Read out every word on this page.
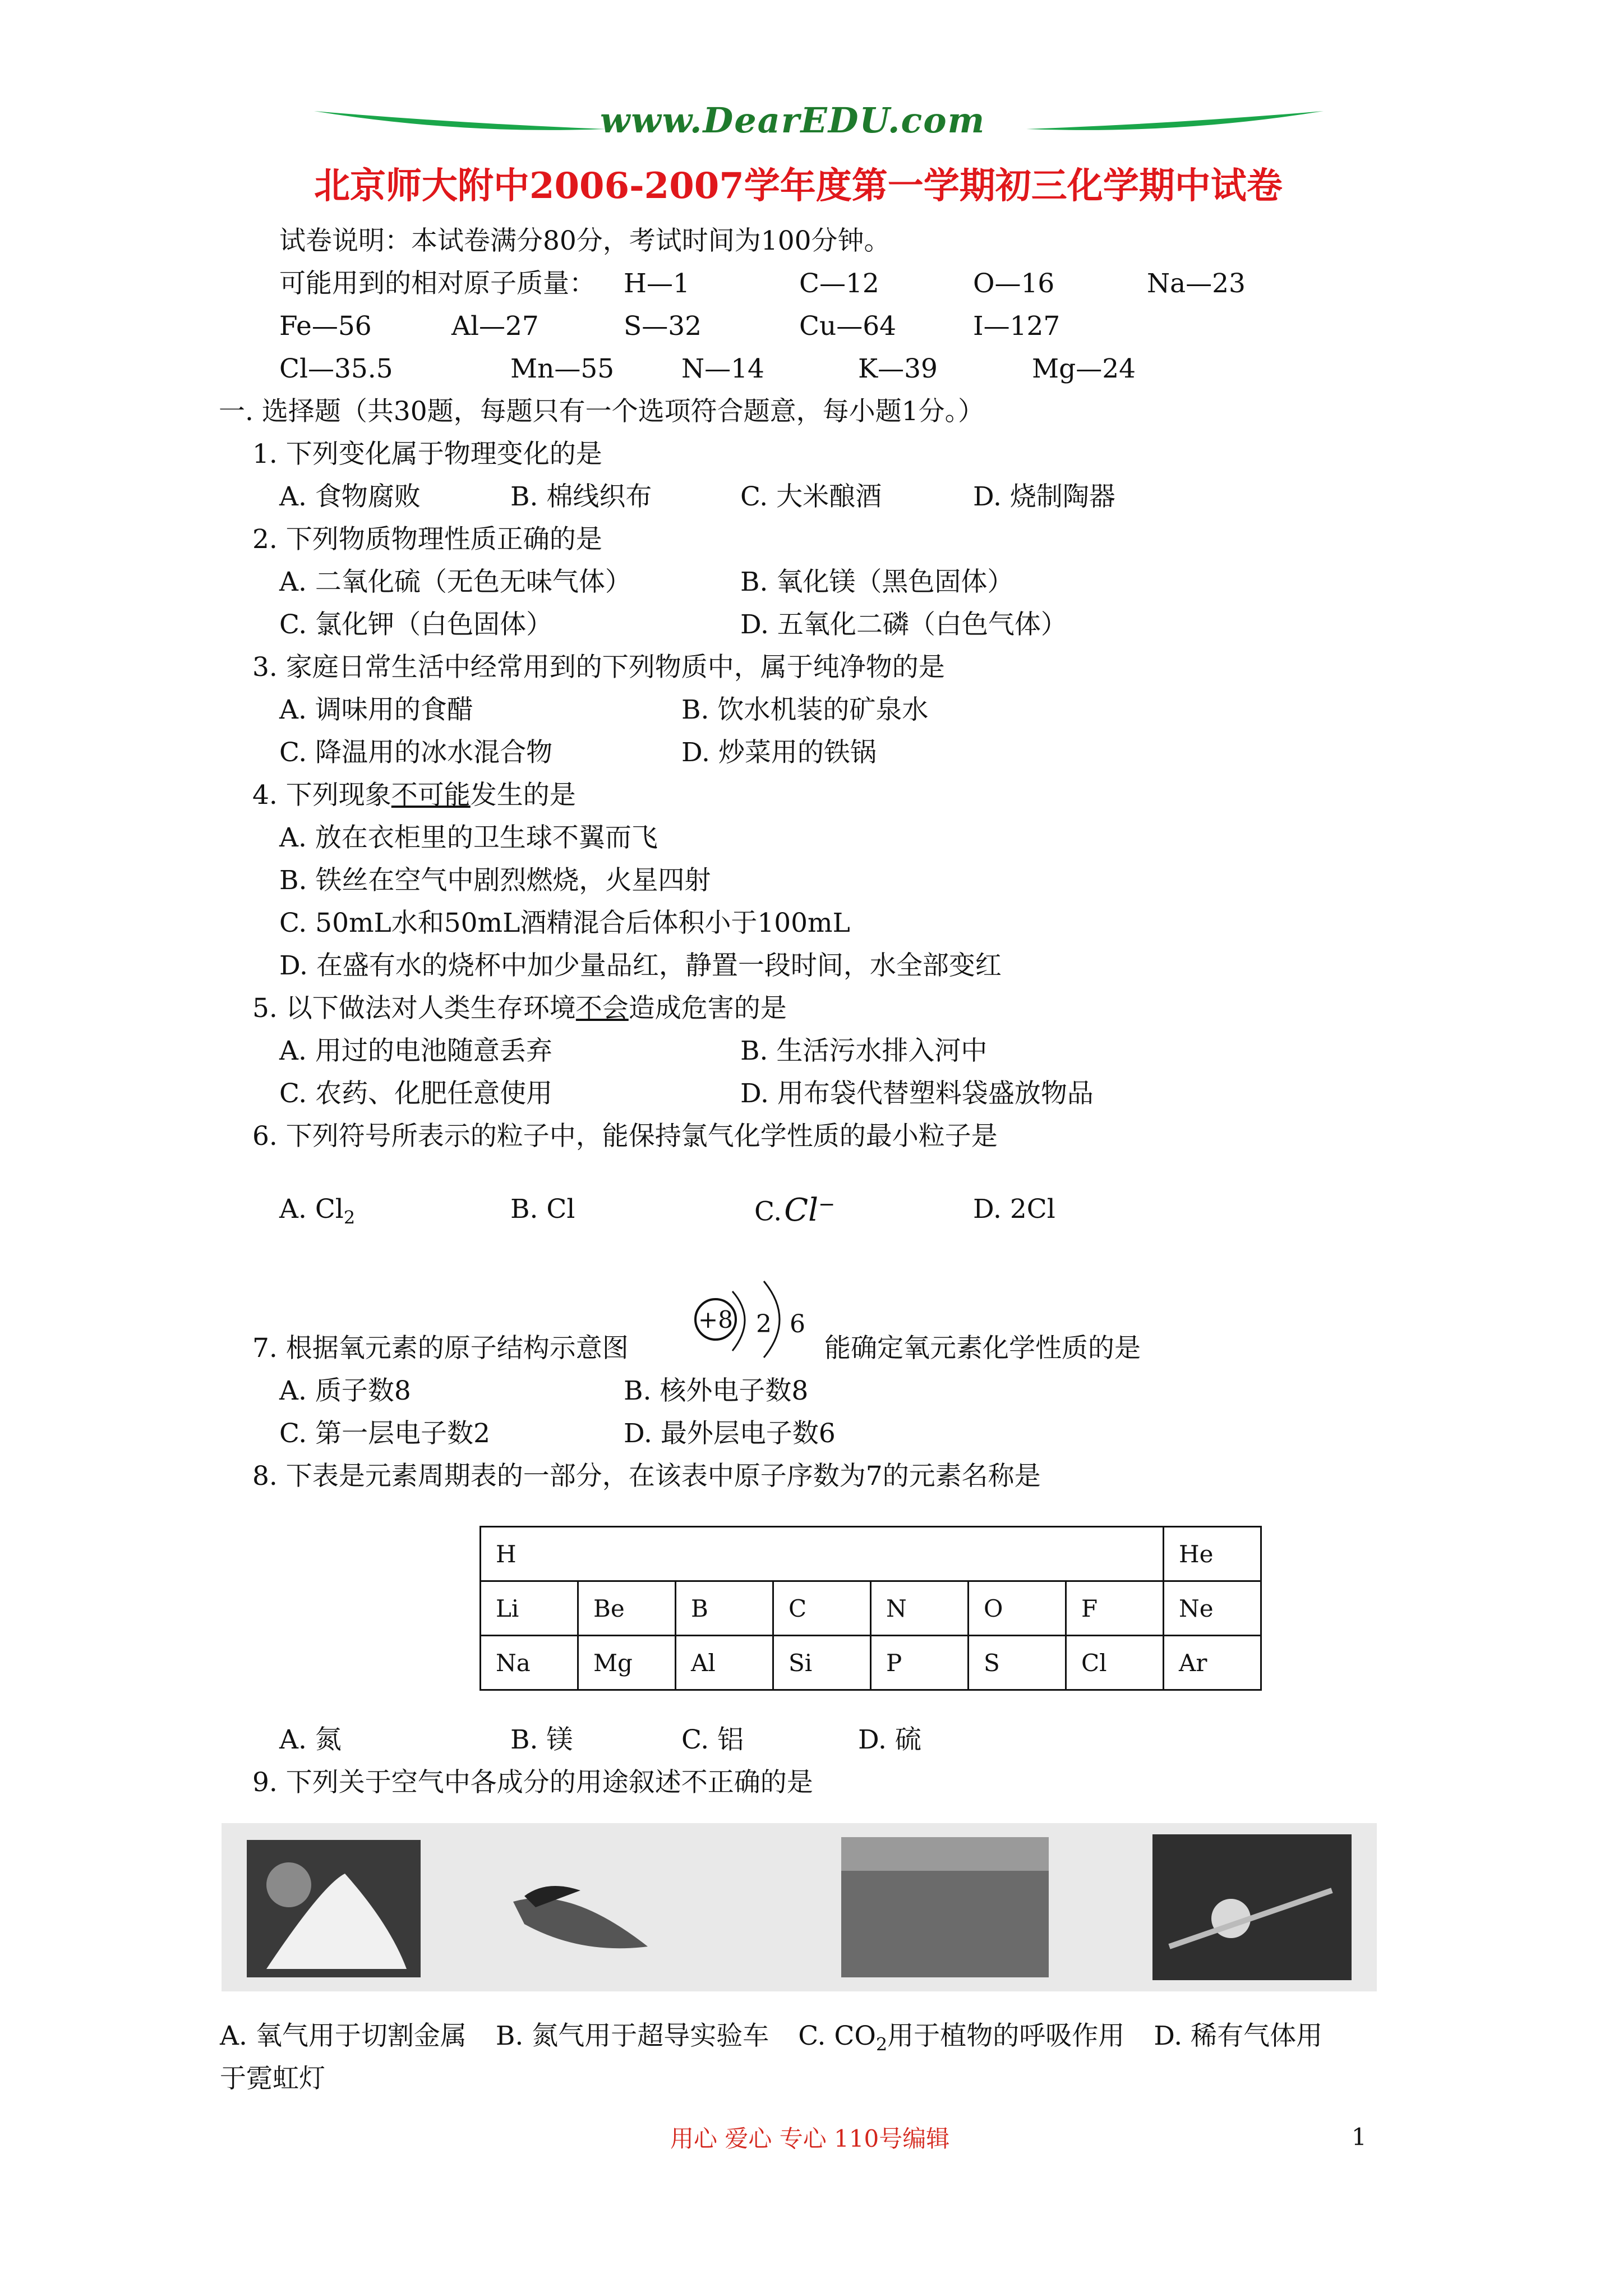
www.DearEDU.com
北京师大附中2006-2007学年度第一学期初三化学期中试卷
试卷说明：本试卷满分80分，考试时间为100分钟。
可能用到的相对原子质量： H—1	C—12	O—16	Na—23
Fe—56	Al—27	S—32	Cu—64	I—127
Cl—35.5	Mn—55	N—14	K—39	Mg—24
一. 选择题（共30题，每题只有一个选项符合题意，每小题1分。）
1. 下列变化属于物理变化的是
A. 食物腐败	B. 棉线织布	C. 大米酿酒	D. 烧制陶器
2. 下列物质物理性质正确的是
A. 二氧化硫（无色无味气体）	B. 氧化镁（黑色固体）
C. 氯化钾（白色固体）	D. 五氧化二磷（白色气体）
3. 家庭日常生活中经常用到的下列物质中，属于纯净物的是
A. 调味用的食醋	B. 饮水机装的矿泉水
C. 降温用的冰水混合物	D. 炒菜用的铁锅
4. 下列现象不可能发生的是
A. 放在衣柜里的卫生球不翼而飞
B. 铁丝在空气中剧烈燃烧，火星四射
C. 50mL水和50mL酒精混合后体积小于100mL
D. 在盛有水的烧杯中加少量品红，静置一段时间，水全部变红
5. 以下做法对人类生存环境不会造成危害的是
A. 用过的电池随意丢弃	B. 生活污水排入河中
C. 农药、化肥任意使用	D. 用布袋代替塑料袋盛放物品
6. 下列符号所表示的粒子中，能保持氯气化学性质的最小粒子是
A. $Cl_2$	B. Cl	C.Cl−	D. 2Cl
7. 根据氧元素的原子结构示意图
+8 2 6
能确定氧元素化学性质的是
A. 质子数8	B. 核外电子数8
C. 第一层电子数2	D. 最外层电子数6
8. 下表是元素周期表的一部分，在该表中原子序数为7的元素名称是
H							He
Li	Be	B	C	N	O	F	Ne
Na	Mg	Al	Si	P	S	Cl	Ar
A. 氮	B. 镁	C. 铝	D. 硫
9. 下列关于空气中各成分的用途叙述不正确的是
A. 氧气用于切割金属 B. 氮气用于超导实验车 C. $CO_2$用于植物的呼吸作用 D. 稀有气体用
于霓虹灯
用心 爱心 专心 110号编辑	1
